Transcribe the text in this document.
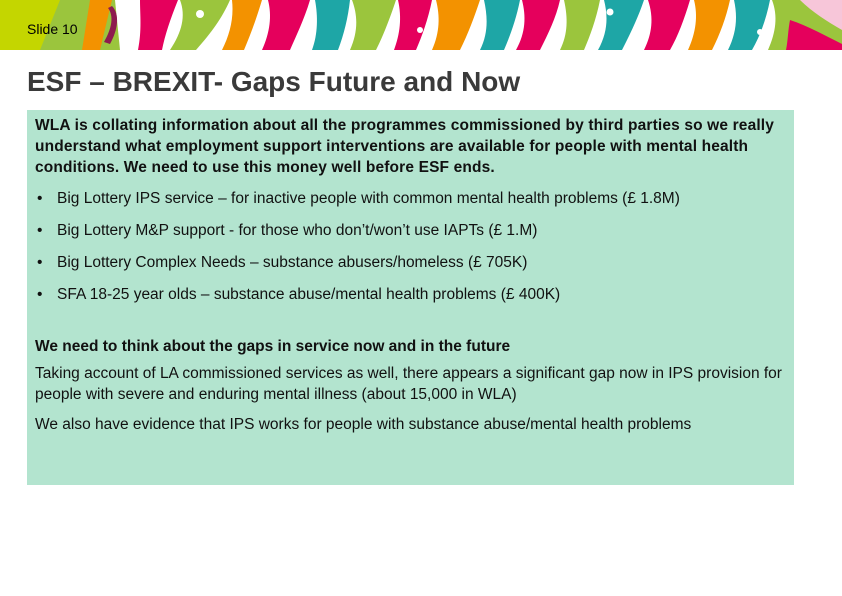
Slide 10
ESF – BREXIT- Gaps Future and Now

WLA is collating information about all the programmes commissioned by third parties so we really understand what employment support interventions are available for people with mental health conditions. We need to use this money well before ESF ends.

• Big Lottery IPS service – for inactive people with common mental health problems (£ 1.8M)
• Big Lottery M&P support - for those who don’t/won’t use IAPTs (£ 1.M)
• Big Lottery Complex Needs – substance abusers/homeless (£ 705K)
• SFA 18-25 year olds – substance abuse/mental health problems (£ 400K)

We need to think about the gaps in service now and in the future

Taking account of LA commissioned services as well, there appears a significant gap now in IPS provision for people with severe and enduring mental illness (about 15,000 in WLA)

We also have evidence that IPS works for people with substance abuse/mental health problems
